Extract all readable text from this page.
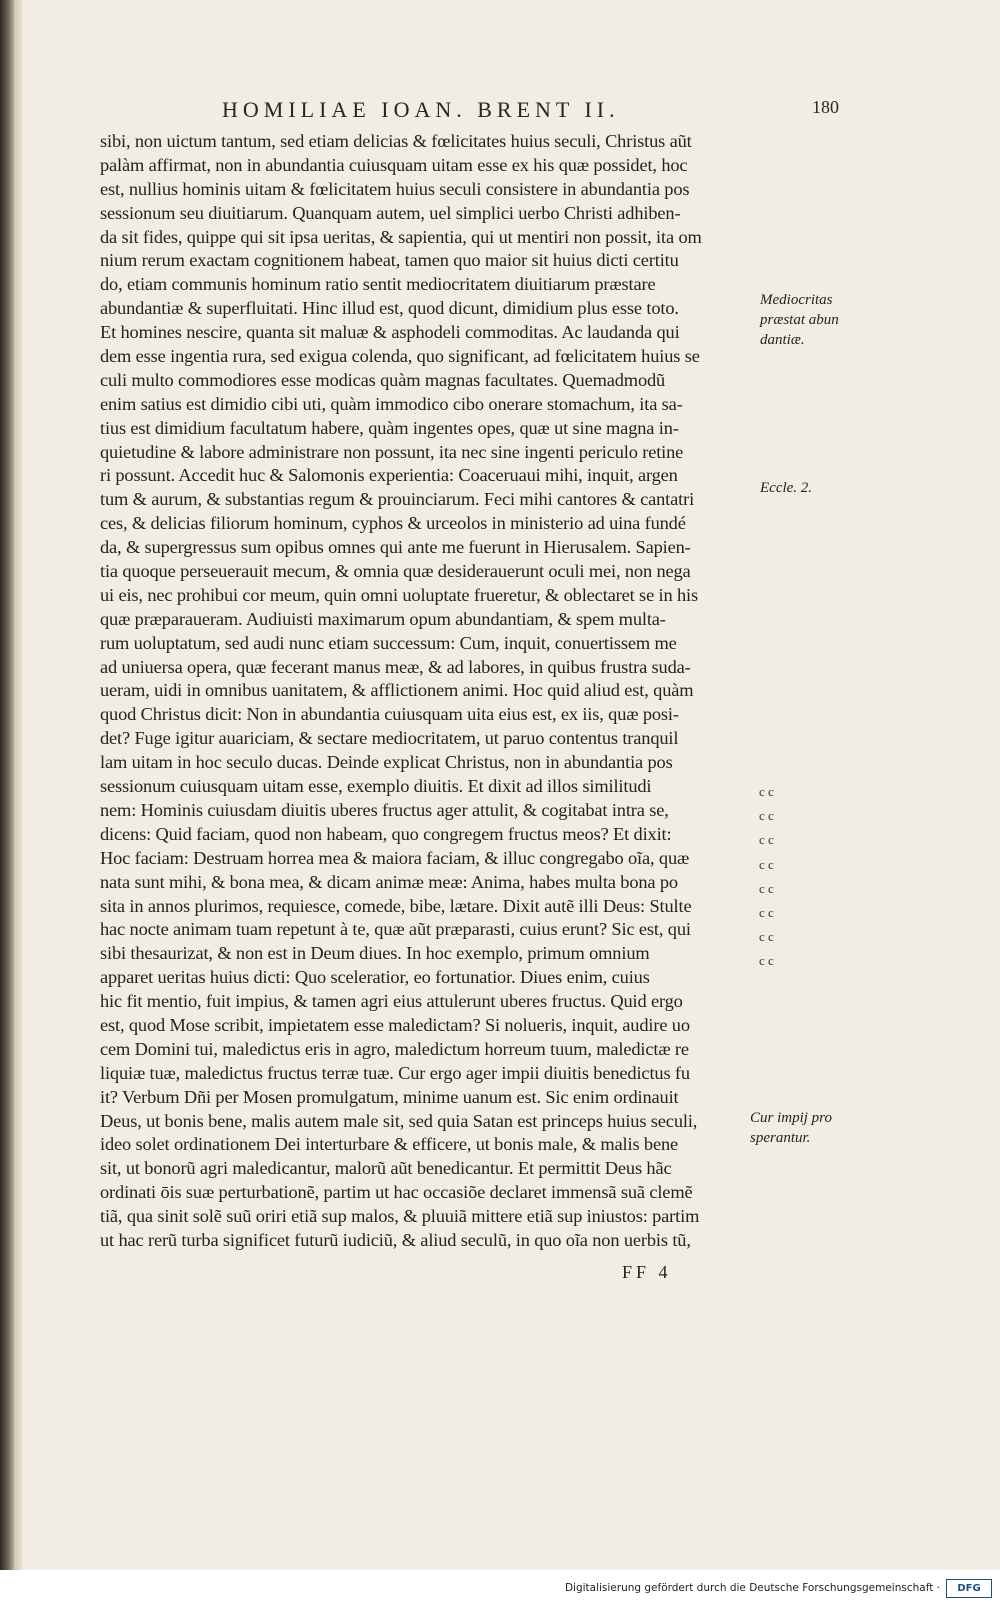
HOMILIAE IOAN. BRENT II.	180
sibi, non uictum tantum, sed etiam delicias & fœlicitates huius seculi, Christus aũt
palàm affirmat, non in abundantia cuiusquam uitam esse ex his quæ possidet, hoc
est, nullius hominis uitam & fœlicitatem huius seculi consistere in abundantia pos
sessionum seu diuitiarum. Quanquam autem, uel simplici uerbo Christi adhiben-
da sit fides, quippe qui sit ipsa ueritas, & sapientia, qui ut mentiri non possit, ita om
nium rerum exactam cognitionem habeat, tamen quo maior sit huius dicti certitu
do, etiam communis hominum ratio sentit mediocritatem diuitiarum præstare
abundantiæ & superfluitati. Hinc illud est, quod dicunt, dimidium plus esse toto.
Et homines nescire, quanta sit maluæ & asphodeli commoditas. Ac laudanda qui
dem esse ingentia rura, sed exigua colenda, quo significant, ad fœlicitatem huius se
culi multo commodiores esse modicas quàm magnas facultates. Quemadmodũ
enim satius est dimidio cibi uti, quàm immodico cibo onerare stomachum, ita sa-
tius est dimidium facultatum habere, quàm ingentes opes, quæ ut sine magna in-
quietudine & labore administrare non possunt, ita nec sine ingenti periculo retine
ri possunt. Accedit huc & Salomonis experientia: Coaceruaui mihi, inquit, argen
tum & aurum, & substantias regum & prouinciarum. Feci mihi cantores & cantatri
ces, & delicias filiorum hominum, cyphos & urceolos in ministerio ad uina fundé
da, & supergressus sum opibus omnes qui ante me fuerunt in Hierusalem. Sapien-
tia quoque perseuerauit mecum, & omnia quæ desiderauerunt oculi mei, non nega
ui eis, nec prohibui cor meum, quin omni uoluptate frueretur, & oblectaret se in his
quæ præparaueram. Audiuisti maximarum opum abundantiam, & spem multa-
rum uoluptatum, sed audi nunc etiam successum: Cum, inquit, conuertissem me
ad uniuersa opera, quæ fecerant manus meæ, & ad labores, in quibus frustra suda-
ueram, uidi in omnibus uanitatem, & afflictionem animi. Hoc quid aliud est, quàm
quod Christus dicit: Non in abundantia cuiusquam uita eius est, ex iis, quæ posi-
det? Fuge igitur auariciam, & sectare mediocritatem, ut paruo contentus tranquil
lam uitam in hoc seculo ducas. Deinde explicat Christus, non in abundantia pos
sessionum cuiusquam uitam esse, exemplo diuitis. Et dixit ad illos similitudi
nem: Hominis cuiusdam diuitis uberes fructus ager attulit, & cogitabat intra se,
dicens: Quid faciam, quod non habeam, quo congregem fructus meos? Et dixit:
Hoc faciam: Destruam horrea mea & maiora faciam, & illuc congregabo oĩa, quæ
nata sunt mihi, & bona mea, & dicam animæ meæ: Anima, habes multa bona po
sita in annos plurimos, requiesce, comede, bibe, lætare. Dixit autẽ illi Deus: Stulte
hac nocte animam tuam repetunt à te, quæ aũt præparasti, cuius erunt? Sic est, qui
sibi thesaurizat, & non est in Deum diues. In hoc exemplo, primum omnium
apparet ueritas huius dicti: Quo sceleratior, eo fortunatior. Diues enim, cuius
hic fit mentio, fuit impius, & tamen agri eius attulerunt uberes fructus. Quid ergo
est, quod Mose scribit, impietatem esse maledictam? Si nolueris, inquit, audire uo
cem Domini tui, maledictus eris in agro, maledictum horreum tuum, maledictæ re
liquiæ tuæ, maledictus fructus terræ tuæ. Cur ergo ager impii diuitis benedictus fu
it? Verbum Dñi per Mosen promulgatum, minime uanum est. Sic enim ordinauit
Deus, ut bonis bene, malis autem male sit, sed quia Satan est princeps huius seculi,
ideo solet ordinationem Dei interturbare & efficere, ut bonis male, & malis bene
sit, ut bonorũ agri maledicantur, malorũ aũt benedicantur. Et permittit Deus hãc
ordinati ōis suæ perturbationẽ, partim ut hac occasiõe declaret immensã suã clemẽ
tiã, qua sinit solẽ suũ oriri etiã sup malos, & pluuiã mittere etiã sup iniustos: partim
ut hac rerũ turba significet futurũ iudiciũ, & aliud seculũ, in quo oĩa non uerbis tũ,
Mediocritas
præstat abun
dantiæ.
Eccle. 2.
Cur impij pro
sperantur.
c c
c c
c c
c c
c c
c c
c c
c c
FF 4
Digitalisierung gefördert durch die Deutsche Forschungsgemeinschaft ·	DFG
